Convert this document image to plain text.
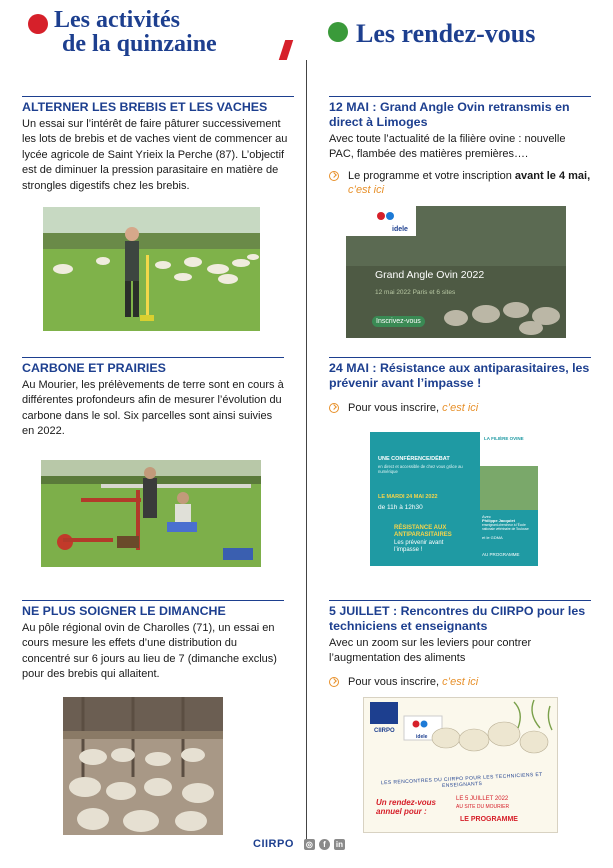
Les activités
de la quinzaine	Les rendez-vous
ALTERNER LES BREBIS ET LES VACHES

Un essai sur l’intérêt de faire pâturer successivement les lots de brebis et de vaches vient de commencer au lycée agricole de Saint Yrieix la Perche (87). L’objectif est de diminuer la pression parasitaire en matière de strongles digestifs chez les brebis.

CARBONE ET PRAIRIES

Au Mourier, les prélèvements de terre sont en cours à différentes profondeurs afin de mesurer l’évolution du carbone dans le sol. Six parcelles sont ainsi suivies en 2022.

NE PLUS SOIGNER LE DIMANCHE

Au pôle régional ovin de Charolles (71), un essai en cours mesure les effets d’une distribution du concentré sur 6 jours au lieu de 7 (dimanche exclus) pour des brebis qui allaitent.

12 MAI : Grand Angle Ovin retransmis en direct à Limoges

Avec toute l’actualité de la filière ovine : nouvelle PAC, flambée des matières premières….

Le programme et votre inscription avant le 4 mai, c’est ici
idele
Grand Angle Ovin 2022
12 mai 2022 Paris et 6 sites
Inscrivez-vous
24 MAI : Résistance aux antiparasitaires, les prévenir avant l’impasse !
Pour vous inscrire, c’est ici
LA FILIÈRE OVINE
UNE CONFÉRENCE/DÉBAT
en direct et accessible de chez vous grâce au numérique
LE MARDI 24 MAI 2022
de 11h à 12h30
RÉSISTANCE AUX ANTIPARASITAIRES
Les prévenir avant l’impasse !
Avec
Philippe Jacquiet
enseignant-chercheur à l’École nationale vétérinaire de Toulouse
et le GDMA
AU PROGRAMME
5 JUILLET : Rencontres du CIIRPO pour les techniciens et enseignants

Avec un zoom sur les leviers pour contrer l’augmentation des aliments

Pour vous inscrire, c’est ici
CIIRPO
idele
LES RENCONTRES DU CIIRPO POUR LES TECHNICIENS ET ENSEIGNANTS
Un rendez-vous annuel pour :
LE 5 JUILLET 2022
AU SITE DU MOURIER
LE PROGRAMME
CIIRPO ◎	f	in
